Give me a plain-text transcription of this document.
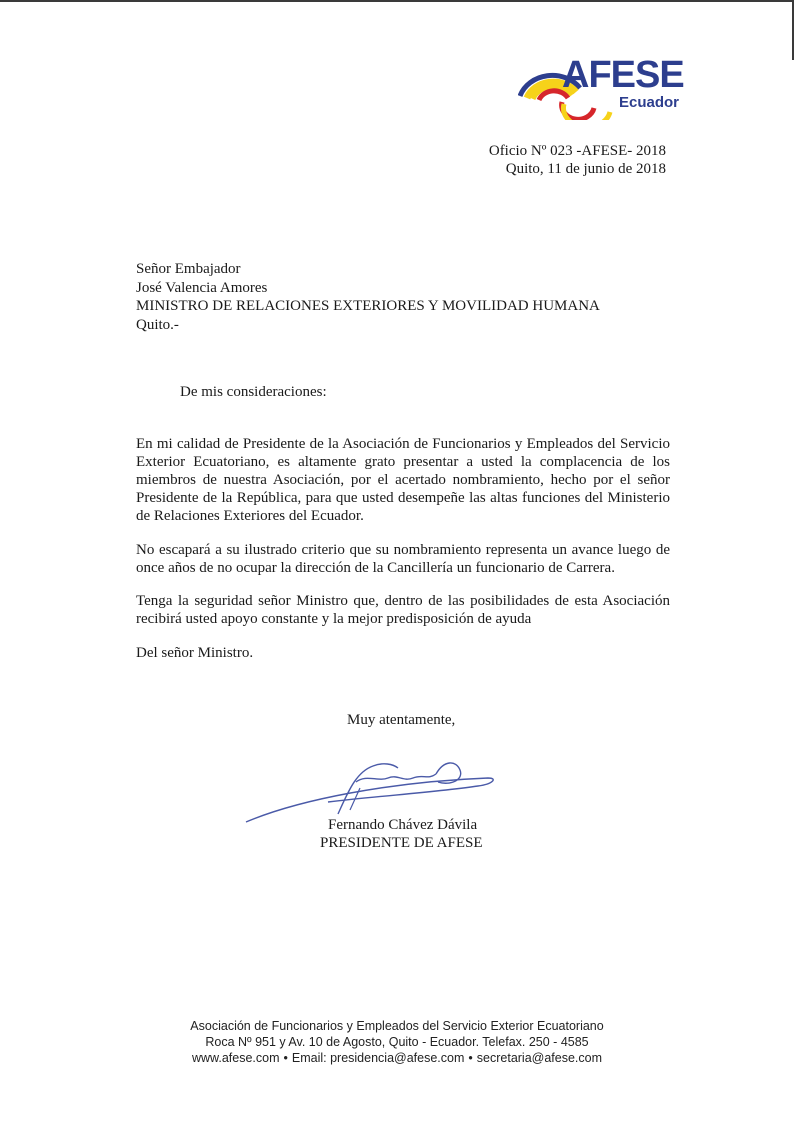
AFESE
Ecuador
Oficio Nº 023 -AFESE- 2018
Quito, 11 de junio de 2018
Señor Embajador
José Valencia Amores
MINISTRO DE RELACIONES EXTERIORES Y MOVILIDAD HUMANA
Quito.-
De mis consideraciones:
En mi calidad de Presidente de la Asociación de Funcionarios y Empleados del Servicio Exterior Ecuatoriano, es altamente grato presentar a usted la complacencia de los miembros de nuestra Asociación, por el acertado nombramiento, hecho por el señor Presidente de la República, para que usted desempeñe las altas funciones del Ministerio de Relaciones Exteriores del Ecuador.
No escapará a su ilustrado criterio que su nombramiento representa un avance luego de once años de no ocupar la dirección de la Cancillería un funcionario de Carrera.
Tenga la seguridad señor Ministro que, dentro de las posibilidades de esta Asociación recibirá usted apoyo constante y la mejor predisposición de ayuda
Del señor Ministro.
Muy atentamente,
Fernando Chávez Dávila
PRESIDENTE DE AFESE
Asociación de Funcionarios y Empleados del Servicio Exterior Ecuatoriano
Roca Nº 951 y Av. 10 de Agosto, Quito - Ecuador. Telefax. 250 - 4585
www.afese.com • Email: presidencia@afese.com • secretaria@afese.com
